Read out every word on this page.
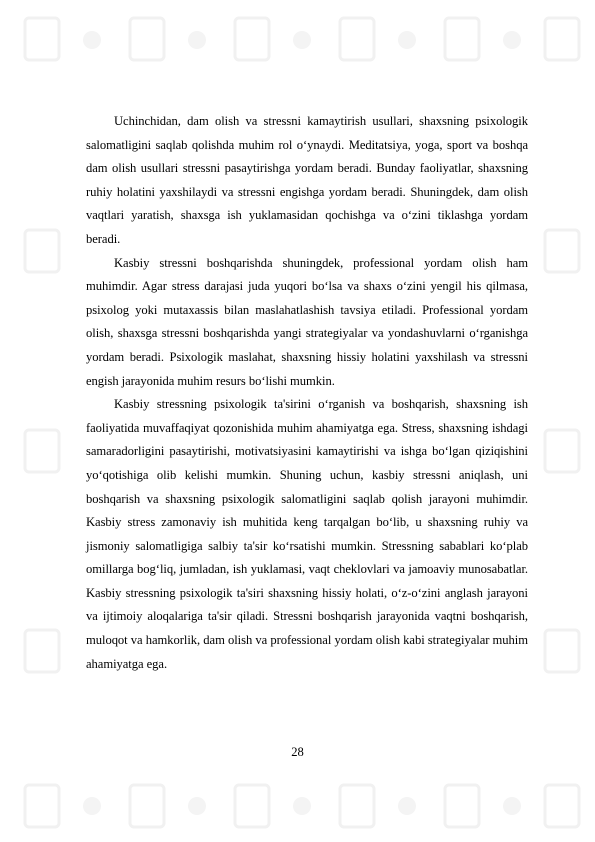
Uchinchidan, dam olish va stressni kamaytirish usullari, shaxsning psixologik salomatligini saqlab qolishda muhim rol o‘ynaydi. Meditatsiya, yoga, sport va boshqa dam olish usullari stressni pasaytirishga yordam beradi. Bunday faoliyatlar, shaxsning ruhiy holatini yaxshilaydi va stressni engishga yordam beradi. Shuningdek, dam olish vaqtlari yaratish, shaxsga ish yuklamasidan qochishga va o‘zini tiklashga yordam beradi.

Kasbiy stressni boshqarishda shuningdek, professional yordam olish ham muhimdir. Agar stress darajasi juda yuqori bo‘lsa va shaxs o‘zini yengil his qilmasa, psixolog yoki mutaxassis bilan maslahatlashish tavsiya etiladi. Professional yordam olish, shaxsga stressni boshqarishda yangi strategiyalar va yondashuvlarni o‘rganishga yordam beradi. Psixologik maslahat, shaxsning hissiy holatini yaxshilash va stressni engish jarayonida muhim resurs bo‘lishi mumkin.

Kasbiy stressning psixologik ta'sirini o‘rganish va boshqarish, shaxsning ish faoliyatida muvaffaqiyat qozonishida muhim ahamiyatga ega. Stress, shaxsning ishdagi samaradorligini pasaytirishi, motivatsiyasini kamaytirishi va ishga bo‘lgan qiziqishini yo‘qotishiga olib kelishi mumkin. Shuning uchun, kasbiy stressni aniqlash, uni boshqarish va shaxsning psixologik salomatligini saqlab qolish jarayoni muhimdir. Kasbiy stress zamonaviy ish muhitida keng tarqalgan bo‘lib, u shaxsning ruhiy va jismoniy salomatligiga salbiy ta'sir ko‘rsatishi mumkin. Stressning sabablari ko‘plab omillarga bog‘liq, jumladan, ish yuklamasi, vaqt cheklovlari va jamoaviy munosabatlar. Kasbiy stressning psixologik ta'siri shaxsning hissiy holati, o‘z-o‘zini anglash jarayoni va ijtimoiy aloqalariga ta'sir qiladi. Stressni boshqarish jarayonida vaqtni boshqarish, muloqot va hamkorlik, dam olish va professional yordam olish kabi strategiyalar muhim ahamiyatga ega.

28
